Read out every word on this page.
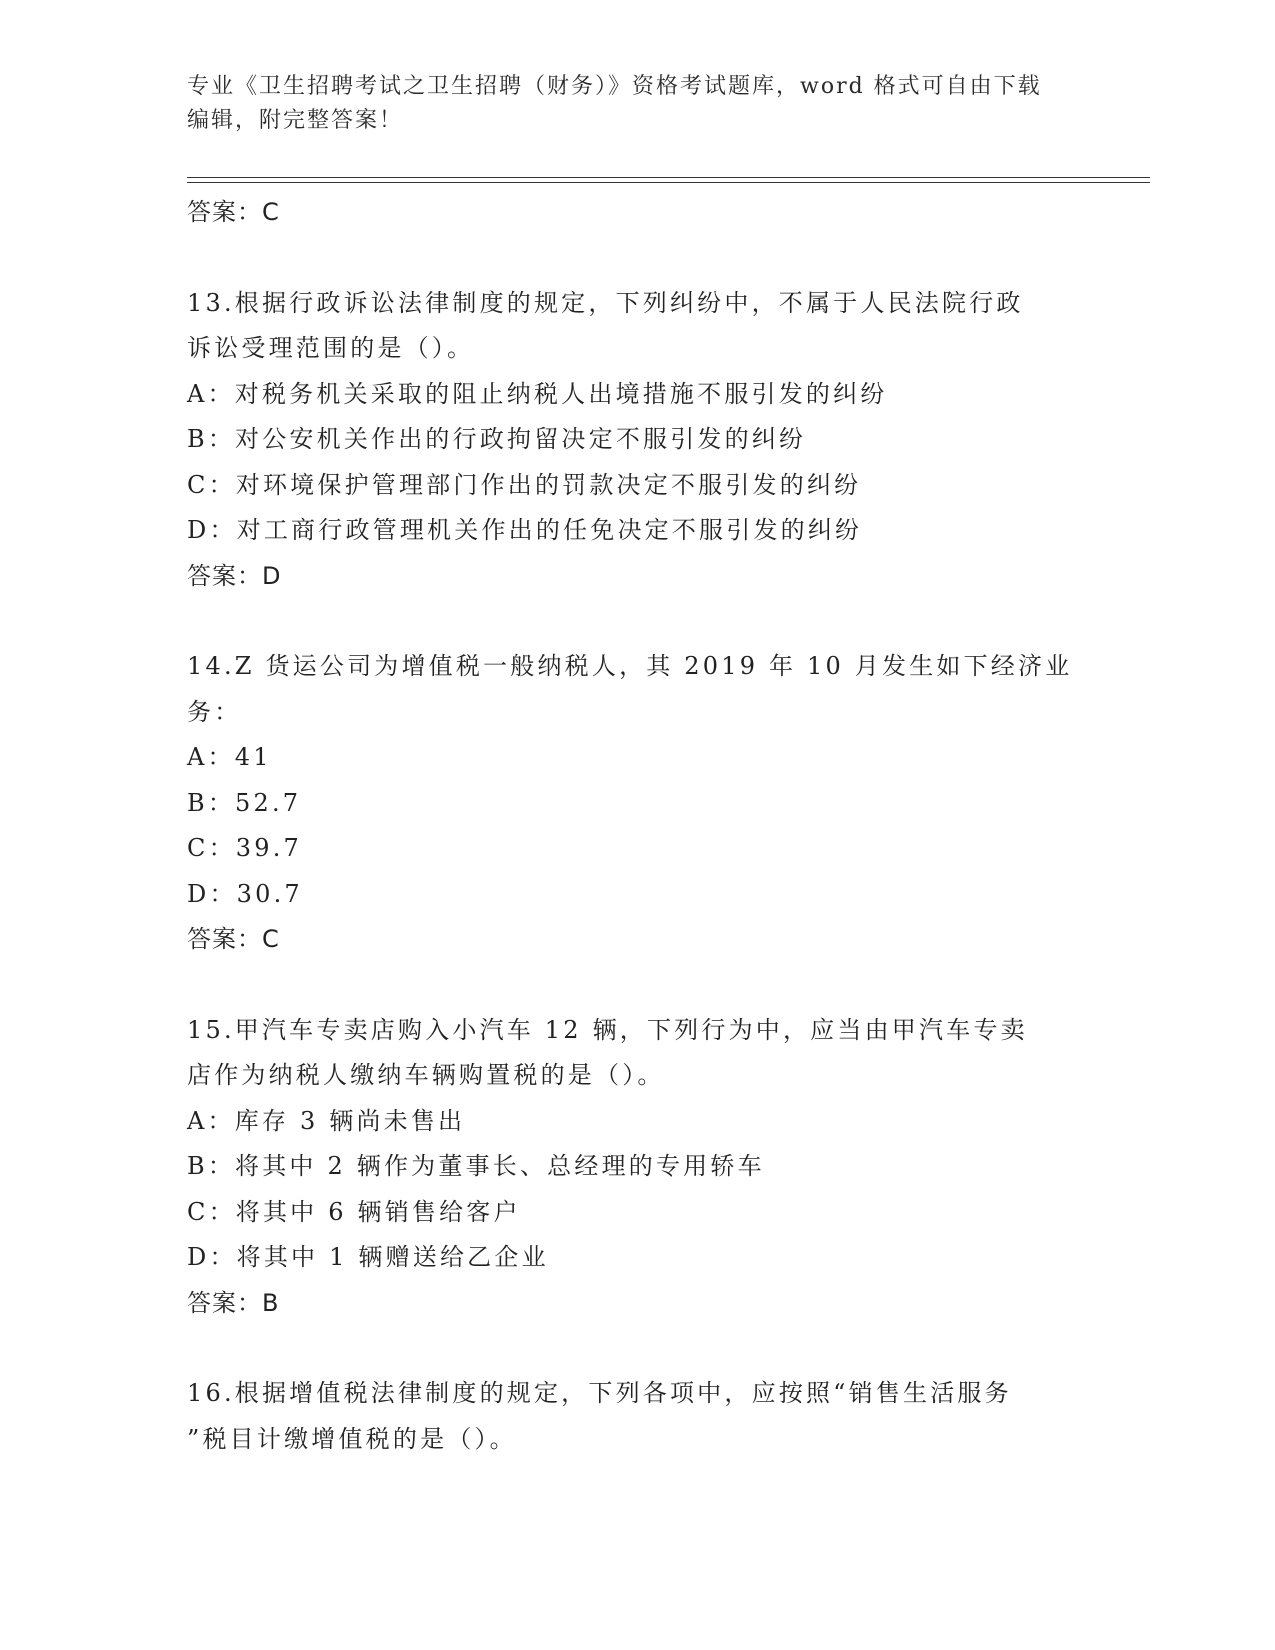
专业《卫生招聘考试之卫生招聘（财务）》资格考试题库，word 格式可自由下载
编辑，附完整答案！
答案：C
13.根据行政诉讼法律制度的规定，下列纠纷中，不属于人民法院行政
诉讼受理范围的是（）。
A：对税务机关采取的阻止纳税人出境措施不服引发的纠纷
B：对公安机关作出的行政拘留决定不服引发的纠纷
C：对环境保护管理部门作出的罚款决定不服引发的纠纷
D：对工商行政管理机关作出的任免决定不服引发的纠纷
答案：D
14.Z 货运公司为增值税一般纳税人，其 2019 年 10 月发生如下经济业
务：
A：41
B：52.7
C：39.7
D：30.7
答案：C
15.甲汽车专卖店购入小汽车 12 辆，下列行为中，应当由甲汽车专卖
店作为纳税人缴纳车辆购置税的是（）。
A：库存 3 辆尚未售出
B：将其中 2 辆作为董事长、总经理的专用轿车
C：将其中 6 辆销售给客户
D：将其中 1 辆赠送给乙企业
答案：B
16.根据增值税法律制度的规定，下列各项中，应按照“销售生活服务
”税目计缴增值税的是（）。
